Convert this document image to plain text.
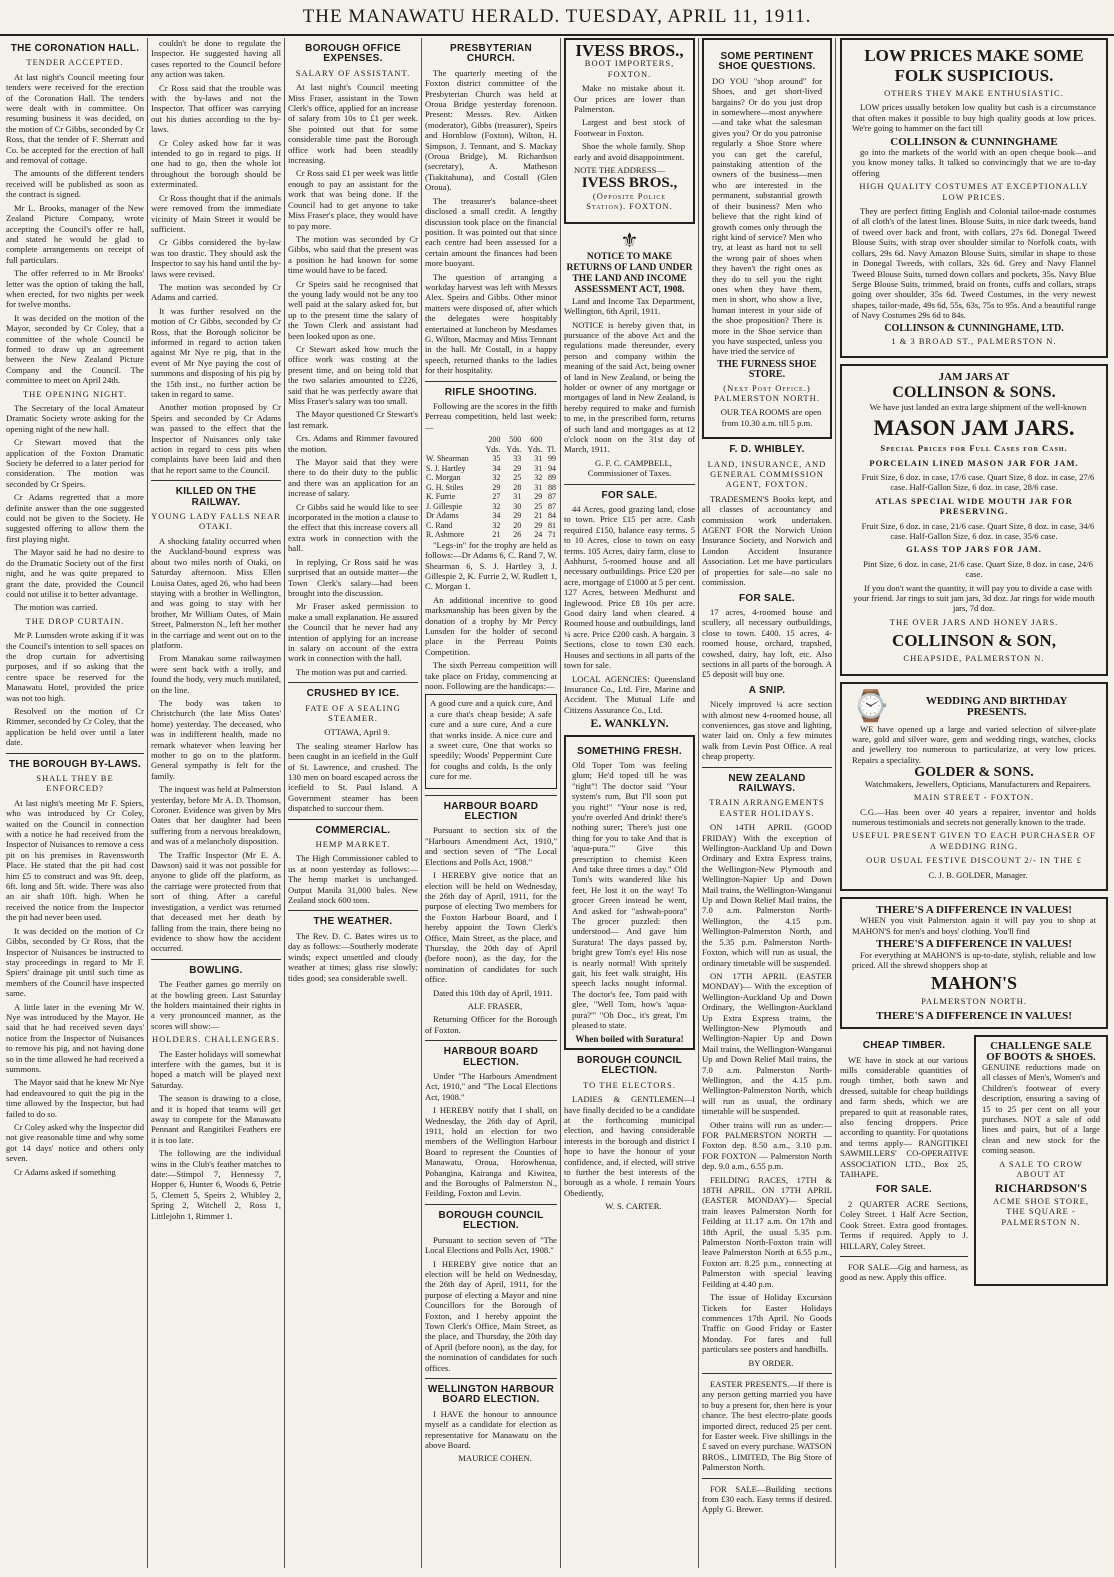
THE MANAWATU HERALD. TUESDAY, APRIL 11, 1911.
THE CORONATION HALL.
TENDER ACCEPTED.

At last night's Council meeting four tenders were received for the erection of the Coronation Hall. The tenders were dealt with in committee. On resuming business it was decided, on the motion of Cr Gibbs, seconded by Cr Ross, that the tender of F. Sherratt and Co. be accepted for the erection of hall and removal of cottage.

The amounts of the different tenders received will be published as soon as the contract is signed.

Mr L. Brooks, manager of the New Zealand Picture Company, wrote accepting the Council's offer re hall, and stated he would be glad to complete arrangements on receipt of full particulars.

The offer referred to in Mr Brooks' letter was the option of taking the hall, when erected, for two nights per week for twelve months.

It was decided on the motion of the Mayor, seconded by Cr Coley, that a committee of the whole Council be formed to draw up an agreement between the New Zealand Picture Company and the Council. The committee to meet on April 24th.

THE OPENING NIGHT.

The Secretary of the local Amateur Dramatic Society wrote asking for the opening night of the new hall.

Cr Stewart moved that the application of the Foxton Dramatic Society be deferred to a later period for consideration. The motion was seconded by Cr Speirs.

Cr Adams regretted that a more definite answer than the one suggested could not be given to the Society. He suggested offering to allow them the first playing night.

The Mayor said he had no desire to do the Dramatic Society out of the first night, and he was quite prepared to grant the date, provided the Council could not utilise it to better advantage.

The motion was carried.

THE DROP CURTAIN.

Mr P. Lumsden wrote asking if it was the Council's intention to sell spaces on the drop curtain for advertising purposes, and if so asking that the centre space be reserved for the Manawatu Hotel, provided the price was not too high.

Resolved on the motion of Cr Rimmer, seconded by Cr Coley, that the application be held over until a later date.

THE BOROUGH BY-LAWS.
SHALL THEY BE ENFORCED?

At last night's meeting Mr F. Spiers, who was introduced by Cr Coley, waited on the Council in connection with a notice he had received from the Inspector of Nuisances to remove a cess pit on his premises in Ravensworth Place. He stated that the pit had cost him £5 to construct and was 9ft. deep, 6ft. long and 5ft. wide. There was also an air shaft 10ft. high. When he received the notice from the Inspector the pit had never been used.

It was decided on the motion of Cr Gibbs, seconded by Cr Ross, that the Inspector of Nuisances be instructed to stay proceedings in regard to Mr F. Spiers' drainage pit until such time as members of the Council have inspected same.

A little later in the evening Mr W. Nye was introduced by the Mayor. He said that he had received seven days' notice from the Inspector of Nuisances to remove his pig, and not having done so in the time allowed he had received a summons.

The Mayor said that he knew Mr Nye had endeavoured to quit the pig in the time allowed by the Inspector, but had failed to do so.

Cr Coley asked why the Inspector did not give reasonable time and why some got 14 days' notice and others only seven.

Cr Adams asked if something

couldn't be done to regulate the Inspector. He suggested having all cases reported to the Council before any action was taken.

Cr Ross said that the trouble was with the by-laws and not the Inspector. That officer was carrying out his duties according to the by-laws.

Cr Coley asked how far it was intended to go in regard to pigs. If one had to go, then the whole lot throughout the borough should be exterminated.

Cr Ross thought that if the animals were removed from the immediate vicinity of Main Street it would be sufficient.

Cr Gibbs considered the by-law was too drastic. They should ask the Inspector to say his hand until the by-laws were revised.

The motion was seconded by Cr Adams and carried.

It was further resolved on the motion of Cr Gibbs, seconded by Cr Ross, that the Borough solicitor be informed in regard to action taken against Mr Nye re pig, that in the event of Mr Nye paying the cost of summons and disposing of his pig by the 15th inst., no further action be taken in regard to same.

Another motion proposed by Cr Speirs and seconded by Cr Adams was passed to the effect that the Inspector of Nuisances only take action in regard to cess pits when complaints have been laid and then that he report same to the Council.

KILLED ON THE RAILWAY.
YOUNG LADY FALLS NEAR OTAKI.

A shocking fatality occurred when the Auckland-bound express was about two miles north of Otaki, on Saturday afternoon. Miss Ellen Louisa Oates, aged 26, who had been staying with a brother in Wellington, and was going to stay with her brother, Mr William Oates, of Main Street, Palmerston N., left her mother in the carriage and went out on to the platform.

From Manakau some railwaymen were sent back with a trolly, and found the body, very much mutilated, on the line.

The body was taken to Christchurch (the late Miss Oates' home) yesterday. The deceased, who was in indifferent health, made no remark whatever when leaving her mother to go on to the platform. General sympathy is felt for the family.

The inquest was held at Palmerston yesterday, before Mr A. D. Thomson, Coroner. Evidence was given by Mrs Oates that her daughter had been suffering from a nervous breakdown, and was of a melancholy disposition.

The Traffic Inspector (Mr E. A. Dawson) said it was not possible for anyone to glide off the platform, as the carriage were protected from that sort of thing. After a careful investigation, a verdict was returned that deceased met her death by falling from the train, there being no evidence to show how the accident occurred.

BOWLING.

The Feather games go merrily on at the bowling green. Last Saturday the holders maintained their rights in a very pronounced manner, as the scores will show:—

HOLDERS. CHALLENGERS.

The Easter holidays will somewhat interfere with the games, but it is hoped a match will be played next Saturday.

The season is drawing to a close, and it is hoped that teams will get away to compete for the Manawatu Pennant and Rangitikei Feathers ere it is too late.

The following are the individual wins in the Club's feather matches to date:—Stimpol 7, Hennessy 7, Hopper 6, Hunter 6, Woods 6, Petrie 5, Clemett 5, Speirs 2, Whibley 2, Spring 2, Witchell 2, Ross 1, Littlejohn 1, Rimmer 1.

BOROUGH OFFICE EXPENSES.
SALARY OF ASSISTANT.

At last night's Council meeting Miss Fraser, assistant in the Town Clerk's office, applied for an increase of salary from 10s to £1 per week. She pointed out that for some considerable time past the Borough office work had been steadily increasing.

Cr Ross said £1 per week was little enough to pay an assistant for the work that was being done. If the Council had to get anyone to take Miss Fraser's place, they would have to pay more.

The motion was seconded by Cr Gibbs, who said that the present was a position he had known for some time would have to be faced.

Cr Speirs said he recognised that the young lady would not be any too well paid at the salary asked for, but up to the present time the salary of the Town Clerk and assistant had been looked upon as one.

Cr Stewart asked how much the office work was costing at the present time, and on being told that the two salaries amounted to £226, said that he was perfectly aware that Miss Fraser's salary was too small.

The Mayor questioned Cr Stewart's last remark.

Crs. Adams and Rimmer favoured the motion.

The Mayor said that they were there to do their duty to the public and there was an application for an increase of salary.

Cr Gibbs said he would like to see incorporated in the motion a clause to the effect that this increase covers all extra work in connection with the hall.

In replying, Cr Ross said he was surprised that an outside matter—the Town Clerk's salary—had been brought into the discussion.

Mr Fraser asked permission to make a small explanation. He assured the Council that he never had any intention of applying for an increase in salary on account of the extra work in connection with the hall.

The motion was put and carried.

CRUSHED BY ICE.
FATE OF A SEALING STEAMER.

OTTAWA, April 9.

The sealing steamer Harlow has been caught in an icefield in the Gulf of St. Lawrence, and crushed. The 130 men on board escaped across the icefield to St. Paul Island. A Government steamer has been dispatched to succour them.

COMMERCIAL.
HEMP MARKET.

The High Commissioner cabled to us at noon yesterday as follows:—The hemp market is unchanged. Output Manila 31,000 bales. New Zealand stock 600 tons.

THE WEATHER.

The Rev. D. C. Bates wires us to day as follows:—Southerly moderate winds; expect unsettled and cloudy weather at times; glass rise slowly; tides good; sea considerable swell.

PRESBYTERIAN CHURCH.

The quarterly meeting of the Foxton district committee of the Presbyterian Church was held at Oroua Bridge yesterday forenoon. Present: Messrs. Rev. Aitken (moderator), Gibbs (treasurer), Speirs and Hornblow (Foxton), Wilton, H. Simpson, J. Tennant, and S. Mackay (Oroua Bridge), M. Richardson (secretary), A. Matheson (Tiakitahuna), and Costall (Glen Oroua).

The treasurer's balance-sheet disclosed a small credit. A lengthy discussion took place on the financial position. It was pointed out that since each centre had been assessed for a certain amount the finances had been more buoyant.

The question of arranging a workday harvest was left with Messrs Alex. Speirs and Gibbs. Other minor matters were disposed of, after which the delegates were hospitably entertained at luncheon by Mesdames G. Wilton, Macmay and Miss Tennant in the hall. Mr Costall, in a happy speech, returned thanks to the ladies for their hospitality.

RIFLE SHOOTING.

Following are the scores in the fifth Perreau competition, held last week:—

	200	500	600	
	Yds.	Yds.	Yds.	Tl.
W. Shearman	35	33	31	99
S. J. Hartley	34	29	31	94
C. Morgan	32	25	32	89
G. H. Stiles	29	28	31	88
K. Furrie	27	31	29	87
J. Gillespie	32	30	25	87
Dr Adams	34	29	21	84
C. Rand	32	20	29	81
R. Ashmore	21	26	24	71

"Legs-in" for the trophy are held as follows:—Dr Adams 6, C. Rand 7, W. Shearman 6, S. J. Hartley 3, J. Gillespie 2, K. Furrie 2, W. Rudlett 1, C. Morgan 1.

An additional incentive to good marksmanship has been given by the donation of a trophy by Mr Percy Lunsden for the holder of second place in the Perreau Points Competition.

The sixth Perreau competition will take place on Friday, commencing at noon. Following are the handicaps:—

A good cure and a quick cure, And a cure that's cheap beside; A safe cure and a sure cure, And a cure that works inside. A nice cure and a sweet cure, One that works so speedily; Woods' Peppermint Cure for coughs and colds, Is the only cure for me.

HARBOUR BOARD ELECTION

Pursuant to section six of the "Harbours Amendment Act, 1910," and section seven of "The Local Elections and Polls Act, 1908."

I HEREBY give notice that an election will be held on Wednesday, the 26th day of April, 1911, for the purpose of electing Two members for the Foxton Harbour Board, and I hereby appoint the Town Clerk's Office, Main Street, as the place, and Thursday, the 20th day of April (before noon), as the day, for the nomination of candidates for such office.

Dated this 10th day of April, 1911.

ALF. FRASER,

Returning Officer for the Borough of Foxton.

HARBOUR BOARD ELECTION.

Under "The Harbours Amendment Act, 1910," and "The Local Elections Act, 1908."

I HEREBY notify that I shall, on Wednesday, the 26th day of April, 1911, hold an election for two members of the Wellington Harbour Board to represent the Counties of Manawatu, Oroua, Horowhenua, Pohangina, Kairanga and Kiwitea, and the Boroughs of Palmerston N., Feilding, Foxton and Levin.

BOROUGH COUNCIL ELECTION.

Pursuant to section seven of "The Local Elections and Polls Act, 1908."

I HEREBY give notice that an election will be held on Wednesday, the 26th day of April, 1911, for the purpose of electing a Mayor and nine Councillors for the Borough of Foxton, and I hereby appoint the Town Clerk's Office, Main Street, as the place, and Thursday, the 20th day of April (before noon), as the day, for the nomination of candidates for such offices.

WELLINGTON HARBOUR BOARD ELECTION.

I HAVE the honour to announce myself as a candidate for election as representative for Manawatu on the above Board.

MAURICE COHEN.

IVESS BROS.,
BOOT IMPORTERS, FOXTON.

Make no mistake about it. Our prices are lower than Palmerston.

Largest and best stock of Footwear in Foxton.

Shoe the whole family. Shop early and avoid disappointment.

NOTE THE ADDRESS—

IVESS BROS.,
(Opposite Police Station). FOXTON.
⚜
NOTICE TO MAKE RETURNS OF LAND UNDER THE LAND AND INCOME ASSESSMENT ACT, 1908.

Land and Income Tax Department, Wellington, 6th April, 1911.

NOTICE is hereby given that, in pursuance of the above Act and the regulations made thereunder, every person and company within the meaning of the said Act, being owner of land in New Zealand, or being the holder or owner of any mortgage or mortgages of land in New Zealand, is hereby required to make and furnish to me, in the prescribed form, returns of such land and mortgages as at 12 o'clock noon on the 31st day of March, 1911.

G. F. C. CAMPBELL, Commissioner of Taxes.

FOR SALE.

44 Acres, good grazing land, close to town. Price £15 per acre. Cash required £150, balance easy terms. 5 to 10 Acres, close to town on easy terms. 105 Acres, dairy farm, close to Ashhurst, 5-roomed house and all necessary outbuildings. Price £20 per acre, mortgage of £1000 at 5 per cent. 127 Acres, between Medhurst and Inglewood. Price £8 10s per acre. Good dairy land when cleared. 4 Roomed house and outbuildings, land ¼ acre. Price £200 cash. A bargain. 3 Sections, close to town £30 each. Houses and sections in all parts of the town for sale.

LOCAL AGENCIES: Queensland Insurance Co., Ltd. Fire, Marine and Accident. The Mutual Life and Citizens Assurance Co., Ltd.

E. WANKLYN.
SOMETHING FRESH.

Old Toper Tom was feeling glum; He'd toped till he was "tight"! The doctor said "Your system's rum, But I'll soon put you right!" "Your nose is red, you're overfed And drink! there's nothing surer; There's just one thing for you to take And that is 'aqua-pura.'" Give this prescription to chemist Keen And take three times a day." Old Tom's wits wandered like his feet, He lost it on the way! To grocer Green instead he went, And asked for "ashwah-poora" The grocer puzzled: then understood— And gave him Suratura! The days passed by, bright grew Tom's eye! His nose is nearly normal! With spritely gait, his feet walk straight, His speech lacks nought informal. The doctor's fee, Tom paid with glee, "Well Tom, how's 'aqua-pura?'" "Oh Doc., it's great, I'm pleased to state.

When boiled with Suratura!
BOROUGH COUNCIL ELECTION.
TO THE ELECTORS.

LADIES & GENTLEMEN—I have finally decided to be a candidate at the forthcoming municipal election, and having considerable interests in the borough and district I hope to have the honour of your confidence, and, if elected, will strive to further the best interests of the borough as a whole. I remain Yours Obediently,

W. S. CARTER.

SOME PERTINENT SHOE QUESTIONS.

DO YOU "shop around" for Shoes, and get short-lived bargains? Or do you just drop in somewhere—most anywhere—and take what the salesman gives you? Or do you patronise regularly a Shoe Store where you can get the careful, painstaking attention of the owners of the business—men who are interested in the permanent, substantial growth of their business? Men who believe that the right kind of growth comes only through the right kind of service? Men who try, at least as hard not to sell the wrong pair of shoes when they haven't the right ones as they do to sell you the right ones when they have them, men in short, who show a live, human interest in your side of the shoe proposition? There is more in the Shoe service than you have suspected, unless you have tried the service of

THE FURNESS SHOE STORE.
(Next Post Office.) PALMERSTON NORTH.

OUR TEA ROOMS are open from 10.30 a.m. till 5 p.m.

F. D. WHIBLEY.
LAND, INSURANCE, AND GENERAL COMMISSION AGENT, FOXTON.

TRADESMEN'S Books kept, and all classes of accountancy and commission work undertaken. AGENT FOR the Norwich Union Insurance Society, and Norwich and London Accident Insurance Association. Let me have particulars of properties for sale—no sale no commission.

FOR SALE.

17 acres, 4-roomed house and scullery, all necessary outbuildings, close to town. £400. 15 acres, 4-roomed house, orchard, trapshed, cowshed, dairy, hay loft, etc. Also sections in all parts of the borough. A £5 deposit will buy one.

A SNIP.

Nicely improved ¼ acre section with almost new 4-roomed house, all conveniences, gas stove and lighting, water laid on. Only a few minutes walk from Levin Post Office. A real cheap property.

NEW ZEALAND RAILWAYS.
TRAIN ARRANGEMENTS EASTER HOLIDAYS.

ON 14TH APRIL (GOOD FRIDAY) With the exception of Wellington-Auckland Up and Down Ordinary and Extra Express trains, the Wellington-New Plymouth and Wellington-Napier Up and Down Mail trains, the Wellington-Wanganui Up and Down Relief Mail trains, the 7.0 a.m. Palmerston North-Wellington, the 4.15 p.m. Wellington-Palmerston North, and the 5.35 p.m. Palmerston North-Foxton, which will run as usual, the ordinary timetable will be suspended.

ON 17TH APRIL (EASTER MONDAY)— With the exception of Wellington-Auckland Up and Down Ordinary, the Wellington-Auckland Up Extra Express trains, the Wellington-New Plymouth and Wellington-Napier Up and Down Mail trains, the Wellington-Wanganui Up and Down Relief Mail trains, the 7.0 a.m. Palmerston North-Wellington, and the 4.15 p.m. Wellington-Palmerston North, which will run as usual, the ordinary timetable will be suspended.

Other trains will run as under:— FOR PALMERSTON NORTH —Foxton dep. 8.50 a.m., 3.10 p.m. FOR FOXTON — Palmerston North dep. 9.0 a.m., 6.55 p.m.

FEILDING RACES, 17TH & 18TH APRIL. ON 17TH APRIL (EASTER MONDAY)— Special train leaves Palmerston North for Feilding at 11.17 a.m. On 17th and 18th April, the usual 5.35 p.m. Palmerston North-Foxton train will leave Palmerston North at 6.55 p.m., Foxton arr. 8.25 p.m., connecting at Palmerston with special leaving Feilding at 4.40 p.m.

The issue of Holiday Excursion Tickets for Easter Holidays commences 17th April. No Goods Traffic on Good Friday or Easter Monday. For fares and full particulars see posters and handbills.

BY ORDER.

EASTER PRESENTS.—If there is any person getting married you have to buy a present for, then here is your chance. The best electro-plate goods imported direct, reduced 25 per cent. for Easter week. Five shillings in the £ saved on every purchase. WATSON BROS., LIMITED, The Big Store of Palmerston North.

FOR SALE—Building sections from £30 each. Easy terms if desired. Apply G. Brewer.

LOW PRICES MAKE SOME FOLK SUSPICIOUS.
OTHERS THEY MAKE ENTHUSIASTIC.

LOW prices usually betoken low quality but cash is a circumstance that often makes it possible to buy high quality goods at low prices. We're going to hammer on the fact till

COLLINSON & CUNNINGHAME

go into the markets of the world with an open cheque book—and you know money talks. It talked so convincingly that we are to-day offering

HIGH QUALITY COSTUMES AT EXCEPTIONALLY LOW PRICES.

They are perfect fitting English and Colonial tailor-made costumes of all cloth's of the latest lines. Blouse Suits, in nice dark tweeds, band of tweed over back and front, with collars, 27s 6d. Donegal Tweed Blouse Suits, with strap over shoulder similar to Norfolk coats, with collars, 29s 6d. Navy Amazon Blouse Suits, similar in shape to those in Donegal Tweeds, with collars, 32s 6d. Grey and Navy Flannel Tweed Blouse Suits, turned down collars and pockets, 35s. Navy Blue Serge Blouse Suits, trimmed, braid on fronts, cuffs and collars, straps going over shoulder, 35s 6d. Tweed Costumes, in the very newest shapes, tailor-made, 49s 6d, 55s, 63s, 75s to 95s. And a beautiful range of Navy Costumes 29s 6d to 84s.

COLLINSON & CUNNINGHAME, LTD.
1 & 3 BROAD ST., PALMERSTON N.
JAM JARS AT
COLLINSON & SONS.

We have just landed an extra large shipment of the well-known

MASON JAM JARS.
Special Prices for Full Cases for Cash.
PORCELAIN LINED MASON JAR FOR JAM.

Fruit Size, 6 doz. in case, 17/6 case. Quart Size, 8 doz. in case, 27/6 case. Half-Gallon Size, 6 doz. in case, 28/6 case.

ATLAS SPECIAL WIDE MOUTH JAR FOR PRESERVING.

Fruit Size, 6 doz. in case, 21/6 case. Quart Size, 8 doz. in case, 34/6 case. Half-Gallon Size, 6 doz. in case, 35/6 case.

GLASS TOP JARS FOR JAM.

Pint Size, 6 doz. in case, 21/6 case. Quart Size, 8 doz. in case, 24/6 case.

If you don't want the quantity, it will pay you to divide a case with your friend. Jar rings to suit jam jars, 3d doz. Jar rings for wide mouth jars, 7d doz.

THE OVER JARS AND HONEY JARS.
COLLINSON & SON,
CHEAPSIDE, PALMERSTON N.
⌚	WEDDING AND BIRTHDAY PRESENTS.

WE have opened up a large and varied selection of silver-plate ware, gold and silver ware, gem and wedding rings, watches, clocks and jewellery too numerous to particularize, at very low prices. Repairs a speciality.

GOLDER & SONS.

Watchmakers, Jewellers, Opticians, Manufacturers and Repairers.

MAIN STREET - FOXTON.

C.G.—Has been over 40 years a repairer, inventor and holds numerous testimonials and secrets not generally known to the trade.

USEFUL PRESENT GIVEN TO EACH PURCHASER OF A WEDDING RING.
OUR USUAL FESTIVE DISCOUNT 2/- IN THE £

C. J. B. GOLDER, Manager.

THERE'S A DIFFERENCE IN VALUES!

WHEN you visit Palmerston again it will pay you to shop at MAHON'S for men's and boys' clothing. You'll find

THERE'S A DIFFERENCE IN VALUES!

For everything at MAHON'S is up-to-date, stylish, reliable and low priced. All the shrewd shoppers shop at

MAHON'S
PALMERSTON NORTH.
THERE'S A DIFFERENCE IN VALUES!
CHEAP TIMBER.

WE have in stock at our various mills considerable quantities of rough timber, both sawn and dressed, suitable for cheap buildings and farm sheds, which we are prepared to quit at reasonable rates, also fencing droppers. Price according to quantity. For quotations and terms apply— RANGITIKEI SAWMILLERS' CO-OPERATIVE ASSOCIATION LTD., Box 25, TAIHAPE.

FOR SALE.

2 QUARTER ACRE Sections, Coley Street. 1 Half Acre Section, Cook Street. Extra good frontages. Terms if required. Apply to J. HILLARY, Coley Street.

FOR SALE—Gig and harness, as good as new. Apply this office.

CHALLENGE SALE OF BOOTS & SHOES.

GENUINE reductions made on all classes of Men's, Women's and Children's footwear of every description, ensuring a saving of 15 to 25 per cent on all your purchases. NOT a sale of odd lines and pairs, but of a large clean and new stock for the coming season.

A SALE TO CROW ABOUT AT
RICHARDSON'S
ACME SHOE STORE, THE SQUARE - PALMERSTON N.
